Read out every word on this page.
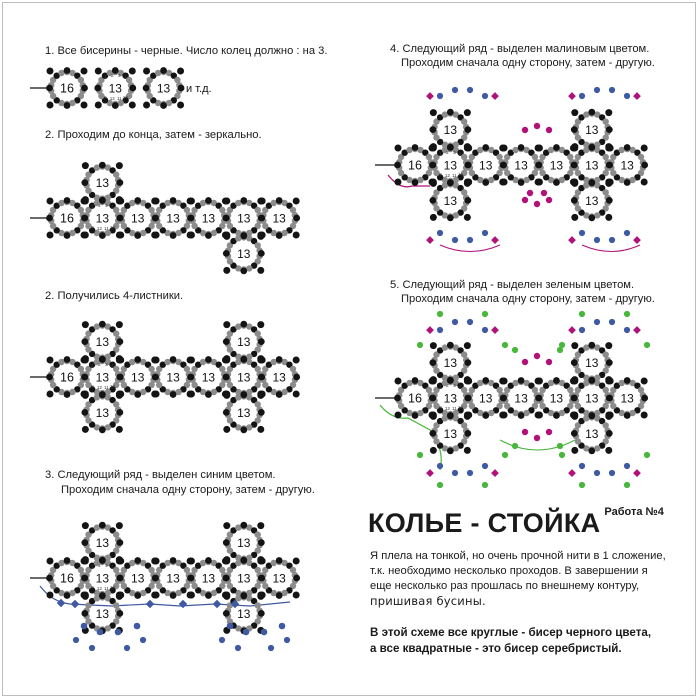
16	13	13
1 2 3 4
10
11
12
9
и т.д.
16 13
13
13 13 13 13
13
13
1 2 3 4
10
11
12
9
16 13
13
13
13 13 13 13
13
13
13
1 2 3 4
10
11
12
9
16 13
13
13
13 13 13 13
13
13
13
1 2 3 4
10
11
12
9
16 13
13
13
13 13 13 13
13
13
13
1 2 3 4
10
11
12
9
16 13
13
13
13 13 13 13
13
13
13
1 2 3 4
10
11
12
9
1. Все бисерины - черные. Число колец должно : на 3.
2. Проходим до конца, затем - зеркально.
2. Получились 4-листники.
3. Следующий ряд - выделен синим цветом.
Проходим сначала одну сторону, затем - другую.
4. Следующий ряд - выделен малиновым цветом.
Проходим сначала одну сторону, затем - другую.
5. Следующий ряд - выделен зеленым цветом.
Проходим сначала одну сторону, затем - другую.
КОЛЬЕ - СТОЙКА $^{Работа №4}$
Я плела на тонкой, но очень прочной нити в 1 сложение, т.к. необходимо несколько проходов. В завершении я еще несколько раз прошлась по внешнему контуру, пришивая бусины.
В этой схеме все круглые - бисер черного цвета,
а все квадратные - это бисер серебристый.
